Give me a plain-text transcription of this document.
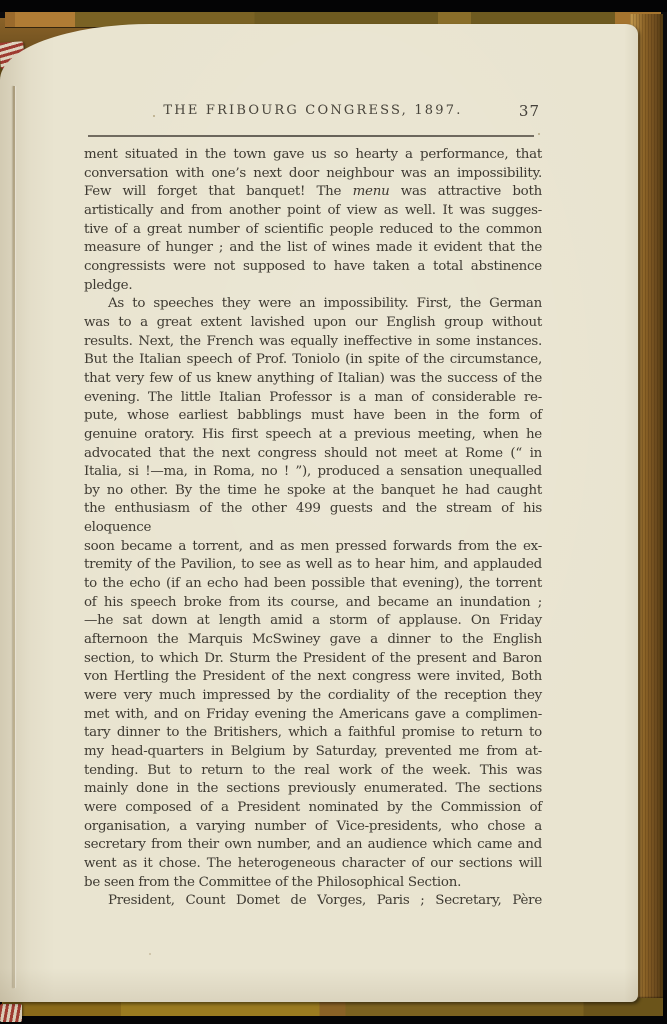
THE FRIBOURG CONGRESS, 1897.	37
ment situated in the town gave us so hearty a performance, that
conversation with one’s next door neighbour was an impossibility.
Few will forget that banquet! The menu was attractive both
artistically and from another point of view as well. It was sugges-
tive of a great number of scientific people reduced to the common
measure of hunger ; and the list of wines made it evident that the
congressists were not supposed to have taken a total abstinence
pledge.
As to speeches they were an impossibility. First, the German
was to a great extent lavished upon our English group without
results. Next, the French was equally ineffective in some instances.
But the Italian speech of Prof. Toniolo (in spite of the circumstance,
that very few of us knew anything of Italian) was the success of the
evening. The little Italian Professor is a man of considerable re-
pute, whose earliest babblings must have been in the form of
genuine oratory. His first speech at a previous meeting, when he
advocated that the next congress should not meet at Rome (“ in
Italia, si !—ma, in Roma, no ! ”), produced a sensation unequalled
by no other. By the time he spoke at the banquet he had caught
the enthusiasm of the other 499 guests and the stream of his eloquence
soon became a torrent, and as men pressed forwards from the ex-
tremity of the Pavilion, to see as well as to hear him, and applauded
to the echo (if an echo had been possible that evening), the torrent
of his speech broke from its course, and became an inundation ;
—he sat down at length amid a storm of applause. On Friday
afternoon the Marquis McSwiney gave a dinner to the English
section, to which Dr. Sturm the President of the present and Baron
von Hertling the President of the next congress were invited, Both
were very much impressed by the cordiality of the reception they
met with, and on Friday evening the Americans gave a complimen-
tary dinner to the Britishers, which a faithful promise to return to
my head-quarters in Belgium by Saturday, prevented me from at-
tending. But to return to the real work of the week. This was
mainly done in the sections previously enumerated. The sections
were composed of a President nominated by the Commission of
organisation, a varying number of Vice-presidents, who chose a
secretary from their own number, and an audience which came and
went as it chose. The heterogeneous character of our sections will
be seen from the Committee of the Philosophical Section.
President, Count Domet de Vorges, Paris ; Secretary, Père
